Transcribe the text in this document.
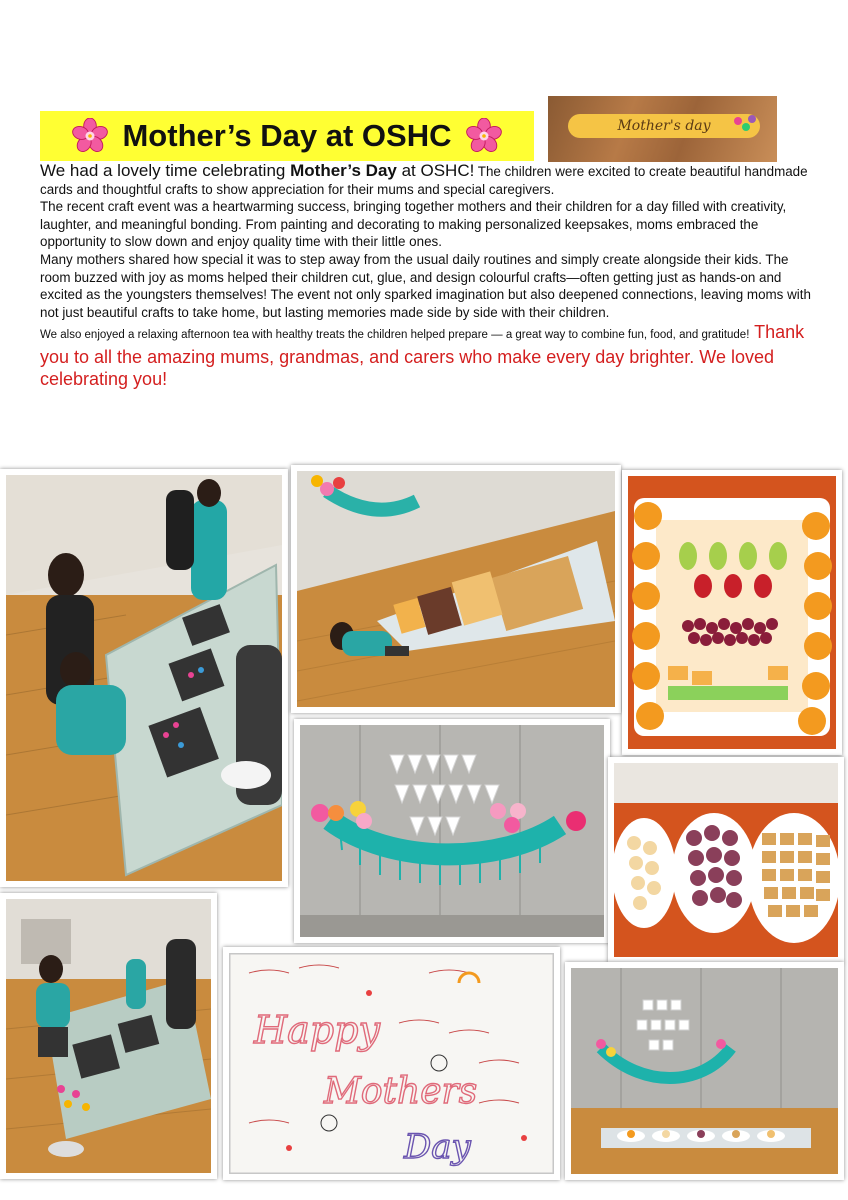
Mother’s Day at OSHC	Mother's day

We had a lovely time celebrating Mother’s Day at OSHC! The children were excited to create beautiful handmade cards and thoughtful crafts to show appreciation for their mums and special caregivers.

The recent craft event was a heartwarming success, bringing together mothers and their children for a day filled with creativity, laughter, and meaningful bonding. From painting and decorating to making personalized keepsakes, moms embraced the opportunity to slow down and enjoy quality time with their little ones.

Many mothers shared how special it was to step away from the usual daily routines and simply create alongside their kids. The room buzzed with joy as moms helped their children cut, glue, and design colourful crafts—often getting just as hands-on and excited as the youngsters themselves! The event not only sparked imagination but also deepened connections, leaving moms with not just beautiful crafts to take home, but lasting memories made side by side with their children.

We also enjoyed a relaxing afternoon tea with healthy treats the children helped prepare — a great way to combine fun, food, and gratitude! Thank you to all the amazing mums, grandmas, and carers who make every day brighter. We loved celebrating you!

Happy
Mothers
Day
